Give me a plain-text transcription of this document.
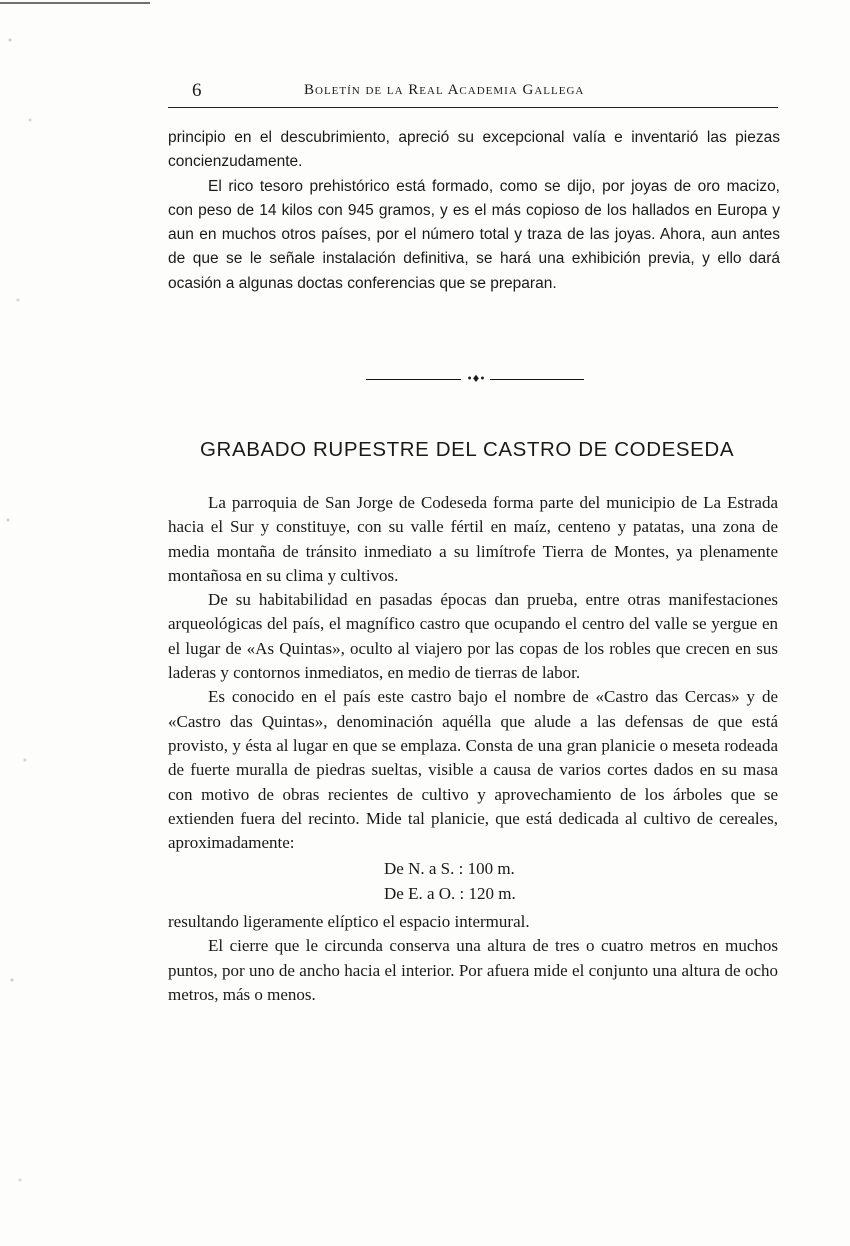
6	Boletín de la Real Academia Gallega

principio en el descubrimiento, apreció su excepcional valía e inventarió las piezas concienzudamente.

El rico tesoro prehistórico está formado, como se dijo, por joyas de oro macizo, con peso de 14 kilos con 945 gramos, y es el más copioso de los hallados en Europa y aun en muchos otros países, por el número total y traza de las joyas. Ahora, aun antes de que se le señale instalación definitiva, se hará una exhibición previa, y ello dará ocasión a algunas doctas conferencias que se preparan.

•♦•
GRABADO RUPESTRE DEL CASTRO DE CODESEDA

La parroquia de San Jorge de Codeseda forma parte del municipio de La Estrada hacia el Sur y constituye, con su valle fértil en maíz, centeno y patatas, una zona de media montaña de tránsito inmediato a su limítrofe Tierra de Montes, ya plenamente montañosa en su clima y cultivos.

De su habitabilidad en pasadas épocas dan prueba, entre otras manifestaciones arqueológicas del país, el magnífico castro que ocupando el centro del valle se yergue en el lugar de «As Quintas», oculto al viajero por las copas de los robles que crecen en sus laderas y contornos inmediatos, en medio de tierras de labor.

Es conocido en el país este castro bajo el nombre de «Castro das Cercas» y de «Castro das Quintas», denominación aquélla que alude a las defensas de que está provisto, y ésta al lugar en que se emplaza. Consta de una gran planicie o meseta rodeada de fuerte muralla de piedras sueltas, visible a causa de varios cortes dados en su masa con motivo de obras recientes de cultivo y aprovechamiento de los árboles que se extienden fuera del recinto. Mide tal planicie, que está dedicada al cultivo de cereales, aproximadamente:

De N. a S. : 100 m.
De E. a O. : 120 m.

resultando ligeramente elíptico el espacio intermural.

El cierre que le circunda conserva una altura de tres o cuatro metros en muchos puntos, por uno de ancho hacia el interior. Por afuera mide el conjunto una altura de ocho metros, más o menos.
